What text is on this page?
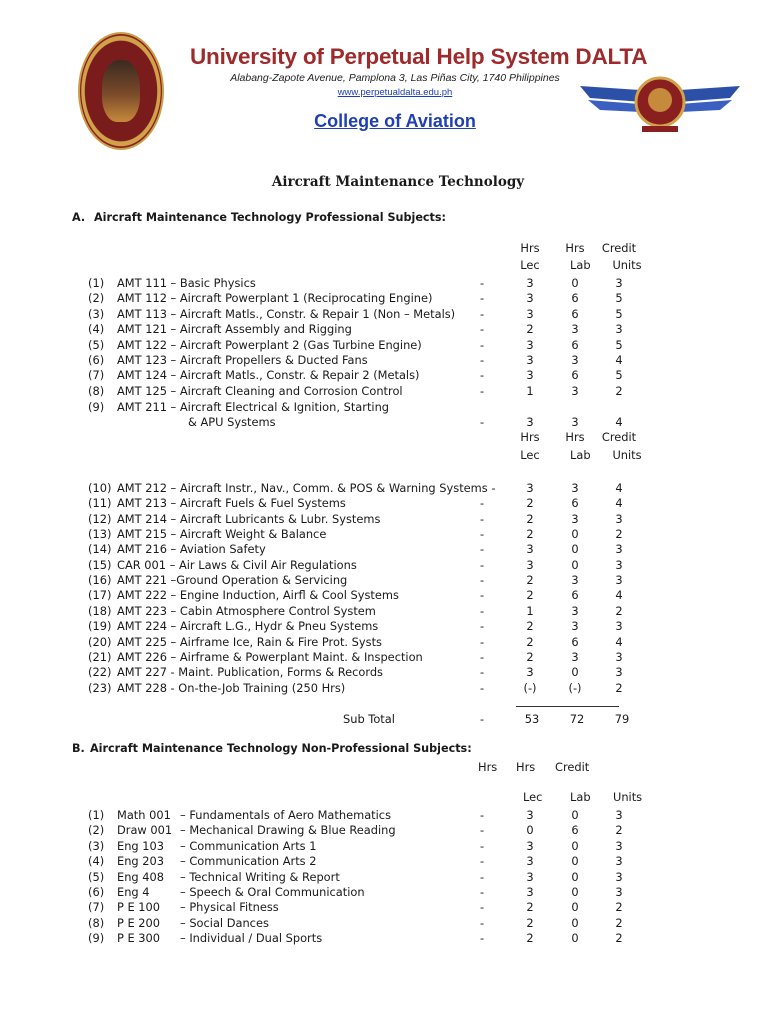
University of Perpetual Help System DALTA
Alabang-Zapote Avenue, Pamplona 3, Las Piñas City, 1740 Philippines
www.perpetualdalta.edu.ph
College of Aviation
Aircraft Maintenance Technology
A. Aircraft Maintenance Technology Professional Subjects:
Hrs Hrs Credit
Lec	Lab Units
(1) AMT 111 – Basic Physics	-	3	0	3
(2) AMT 112 – Aircraft Powerplant 1 (Reciprocating Engine)	-	3	6	5
(3) AMT 113 – Aircraft Matls., Constr. & Repair 1 (Non – Metals) -	3	6	5
(4) AMT 121 – Aircraft Assembly and Rigging	-	2	3	3
(5) AMT 122 – Aircraft Powerplant 2 (Gas Turbine Engine)	-	3	6	5
(6) AMT 123 – Aircraft Propellers & Ducted Fans	-	3	3	4
(7) AMT 124 – Aircraft Matls., Constr. & Repair 2 (Metals)	-	3	6	5
(8) AMT 125 – Aircraft Cleaning and Corrosion Control	-	1	3	2
(9) AMT 211 – Aircraft Electrical & Ignition, Starting
& APU Systems	-	3	3	4
Hrs Hrs Credit
Lec	Lab Units
(10) AMT 212 – Aircraft Instr., Nav., Comm. & POS & Warning Systems -	3	3	4
(11) AMT 213 – Aircraft Fuels & Fuel Systems	-	2	6	4
(12) AMT 214 – Aircraft Lubricants & Lubr. Systems	-	2	3	3
(13) AMT 215 – Aircraft Weight & Balance	-	2	0	2
(14) AMT 216 – Aviation Safety	-	3	0	3
(15) CAR 001 – Air Laws & Civil Air Regulations	-	3	0	3
(16) AMT 221 –Ground Operation & Servicing	-	2	3	3
(17) AMT 222 – Engine Induction, Airfl & Cool Systems	-	2	6	4
(18) AMT 223 – Cabin Atmosphere Control System	-	1	3	2
(19) AMT 224 – Aircraft L.G., Hydr & Pneu Systems	-	2	3	3
(20) AMT 225 – Airframe Ice, Rain & Fire Prot. Systs	-	2	6	4
(21) AMT 226 – Airframe & Powerplant Maint. & Inspection	-	2	3	3
(22) AMT 227 - Maint. Publication, Forms & Records	-	3	0	3
(23) AMT 228 - On-the-Job Training (250 Hrs)	-	(-)	(-)	2
Sub Total	-	53	72	79
B. Aircraft Maintenance Technology Non-Professional Subjects:
Hrs Hrs Credit
Lec Lab Units
(1) Math 001 – Fundamentals of Aero Mathematics	-	3	0	3
(2) Draw 001 – Mechanical Drawing & Blue Reading	-	0	6	2
(3) Eng 103 – Communication Arts 1	-	3	0	3
(4) Eng 203 – Communication Arts 2	-	3	0	3
(5) Eng 408 – Technical Writing & Report	-	3	0	3
(6) Eng 4	– Speech & Oral Communication	-	3	0	3
(7) P E 100 – Physical Fitness	-	2	0	2
(8) P E 200 – Social Dances	-	2	0	2
(9) P E 300 – Individual / Dual Sports	-	2	0	2
